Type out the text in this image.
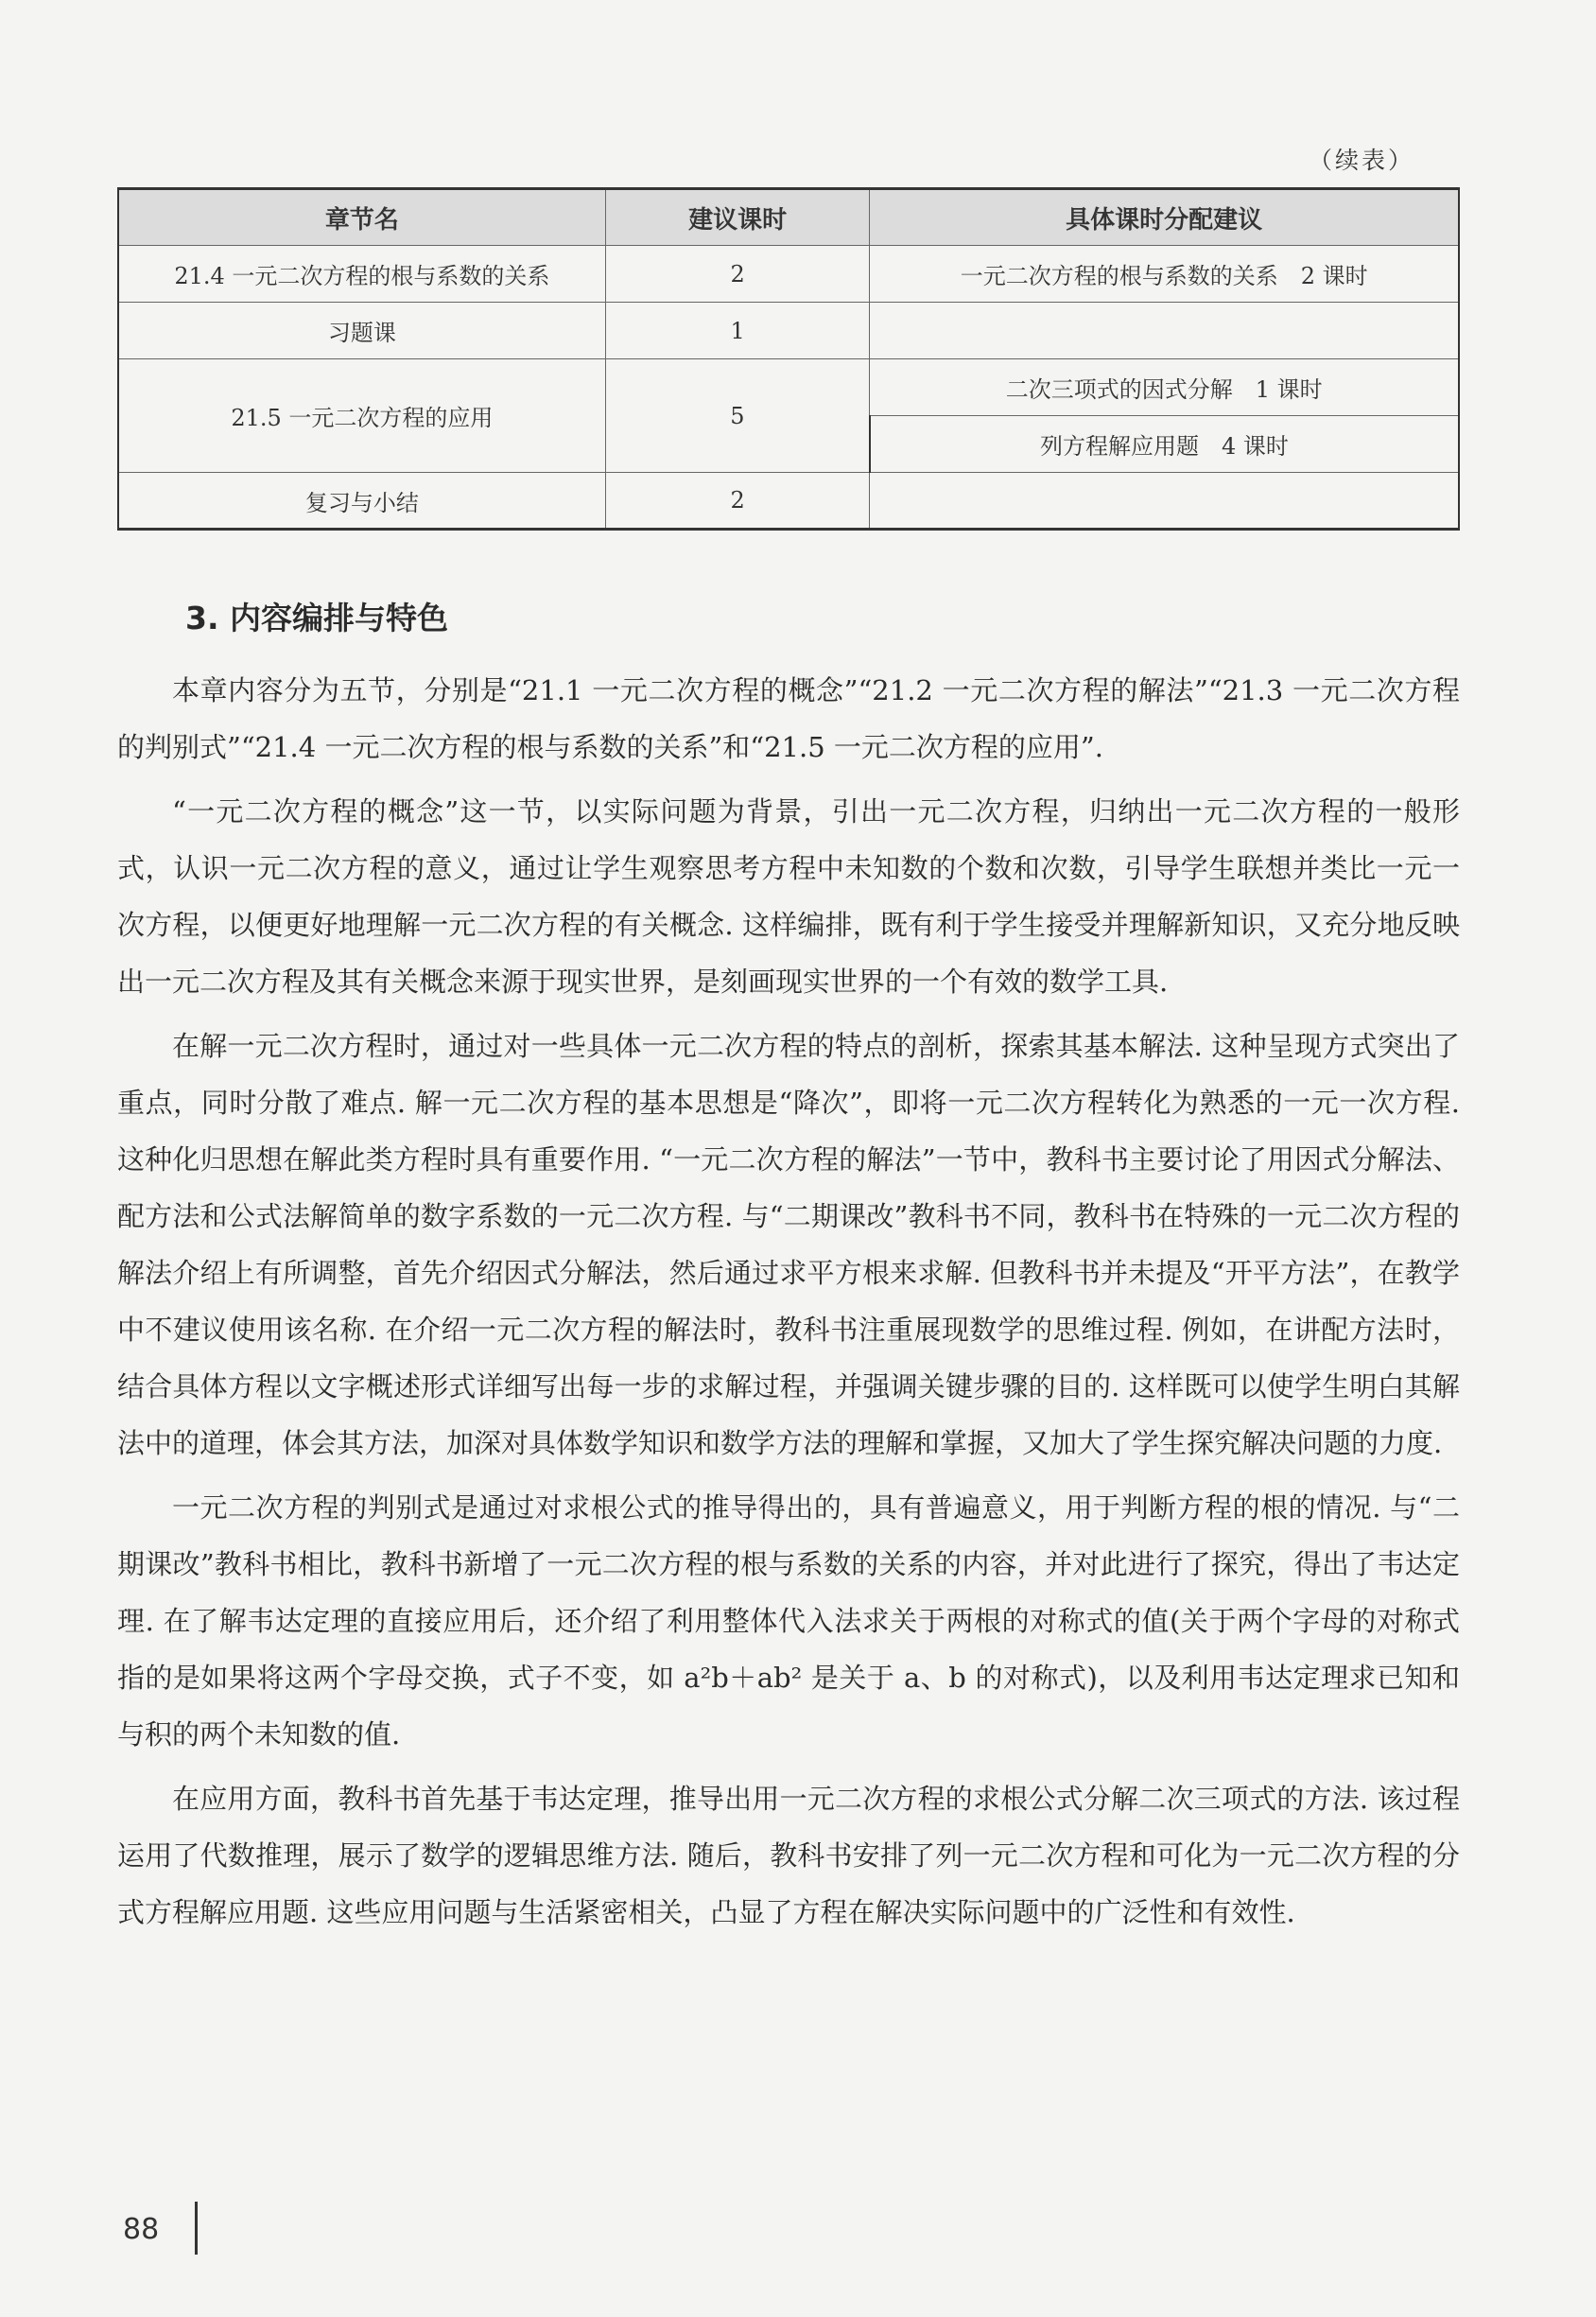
（续表）
章节名	建议课时	具体课时分配建议
21.4 一元二次方程的根与系数的关系	2	一元二次方程的根与系数的关系　2 课时
习题课	1	
21.5 一元二次方程的应用	5	二次三项式的因式分解　1 课时
		列方程解应用题　4 课时
复习与小结	2	
3. 内容编排与特色

本章内容分为五节，分别是“21.1 一元二次方程的概念”“21.2 一元二次方程的解法”“21.3 一元二次方程的判别式”“21.4 一元二次方程的根与系数的关系”和“21.5 一元二次方程的应用”.

“一元二次方程的概念”这一节，以实际问题为背景，引出一元二次方程，归纳出一元二次方程的一般形式，认识一元二次方程的意义，通过让学生观察思考方程中未知数的个数和次数，引导学生联想并类比一元一次方程，以便更好地理解一元二次方程的有关概念. 这样编排，既有利于学生接受并理解新知识，又充分地反映出一元二次方程及其有关概念来源于现实世界，是刻画现实世界的一个有效的数学工具.

在解一元二次方程时，通过对一些具体一元二次方程的特点的剖析，探索其基本解法. 这种呈现方式突出了重点，同时分散了难点. 解一元二次方程的基本思想是“降次”，即将一元二次方程转化为熟悉的一元一次方程. 这种化归思想在解此类方程时具有重要作用. “一元二次方程的解法”一节中，教科书主要讨论了用因式分解法、配方法和公式法解简单的数字系数的一元二次方程. 与“二期课改”教科书不同，教科书在特殊的一元二次方程的解法介绍上有所调整，首先介绍因式分解法，然后通过求平方根来求解. 但教科书并未提及“开平方法”，在教学中不建议使用该名称. 在介绍一元二次方程的解法时，教科书注重展现数学的思维过程. 例如，在讲配方法时，结合具体方程以文字概述形式详细写出每一步的求解过程，并强调关键步骤的目的. 这样既可以使学生明白其解法中的道理，体会其方法，加深对具体数学知识和数学方法的理解和掌握，又加大了学生探究解决问题的力度.

一元二次方程的判别式是通过对求根公式的推导得出的，具有普遍意义，用于判断方程的根的情况. 与“二期课改”教科书相比，教科书新增了一元二次方程的根与系数的关系的内容，并对此进行了探究，得出了韦达定理. 在了解韦达定理的直接应用后，还介绍了利用整体代入法求关于两根的对称式的值(关于两个字母的对称式指的是如果将这两个字母交换，式子不变，如 a²b＋ab² 是关于 a、b 的对称式)，以及利用韦达定理求已知和与积的两个未知数的值.

在应用方面，教科书首先基于韦达定理，推导出用一元二次方程的求根公式分解二次三项式的方法. 该过程运用了代数推理，展示了数学的逻辑思维方法. 随后，教科书安排了列一元二次方程和可化为一元二次方程的分式方程解应用题. 这些应用问题与生活紧密相关，凸显了方程在解决实际问题中的广泛性和有效性.

88
